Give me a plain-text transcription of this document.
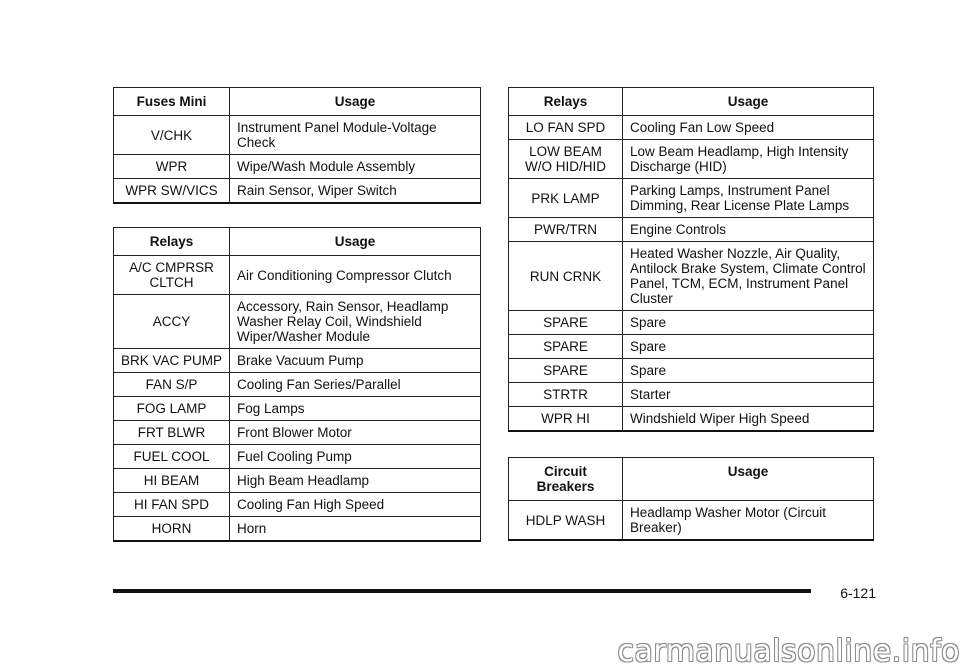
Fuses Mini	Usage
V/CHK	Instrument Panel Module-Voltage Check
WPR	Wipe/Wash Module Assembly
WPR SW/VICS	Rain Sensor, Wiper Switch
Relays	Usage
A/C CMPRSR CLTCH	Air Conditioning Compressor Clutch
ACCY	Accessory, Rain Sensor, Headlamp Washer Relay Coil, Windshield Wiper/Washer Module
BRK VAC PUMP	Brake Vacuum Pump
FAN S/P	Cooling Fan Series/Parallel
FOG LAMP	Fog Lamps
FRT BLWR	Front Blower Motor
FUEL COOL	Fuel Cooling Pump
HI BEAM	High Beam Headlamp
HI FAN SPD	Cooling Fan High Speed
HORN	Horn
Relays	Usage
LO FAN SPD	Cooling Fan Low Speed
LOW BEAM W/O HID/HID	Low Beam Headlamp, High Intensity Discharge (HID)
PRK LAMP	Parking Lamps, Instrument Panel Dimming, Rear License Plate Lamps
PWR/TRN	Engine Controls
RUN CRNK	Heated Washer Nozzle, Air Quality, Antilock Brake System, Climate Control Panel, TCM, ECM, Instrument Panel Cluster
SPARE	Spare
SPARE	Spare
SPARE	Spare
STRTR	Starter
WPR HI	Windshield Wiper High Speed
Circuit Breakers	Usage
HDLP WASH	Headlamp Washer Motor (Circuit Breaker)
6-121
carmanualsonline.info
